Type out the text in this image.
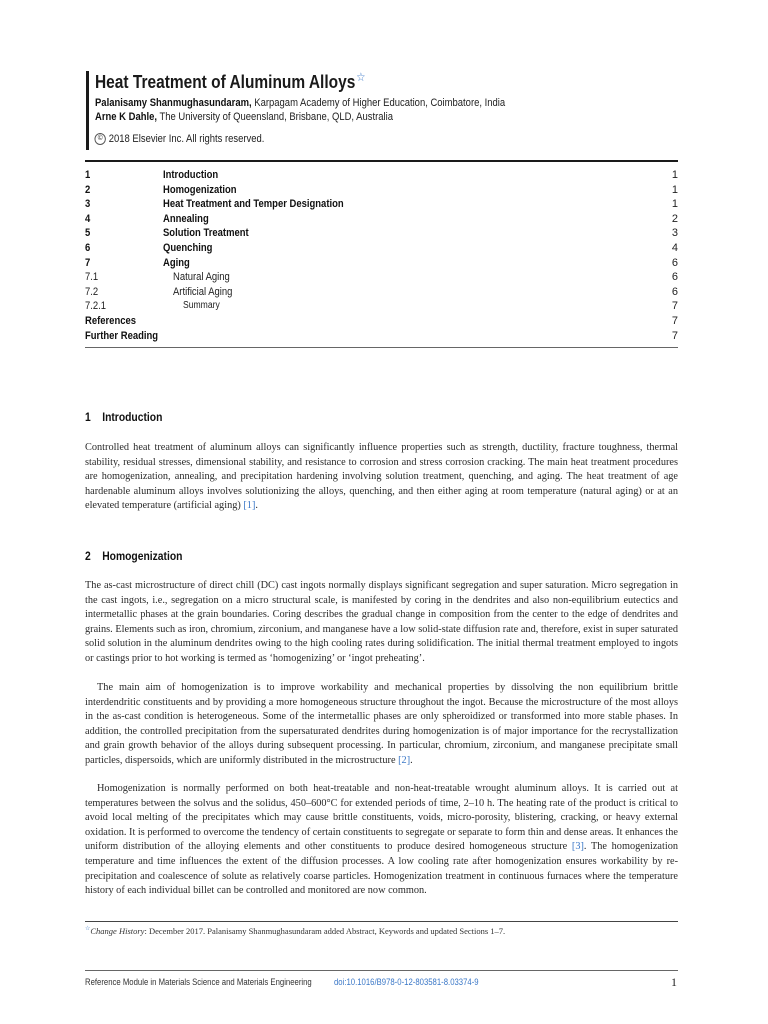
Heat Treatment of Aluminum Alloys☆
Palanisamy Shanmughasundaram, Karpagam Academy of Higher Education, Coimbatore, India
Arne K Dahle, The University of Queensland, Brisbane, QLD, Australia
© 2018 Elsevier Inc. All rights reserved.
1	Introduction	1
2	Homogenization	1
3	Heat Treatment and Temper Designation	1
4	Annealing	2
5	Solution Treatment	3
6	Quenching	4
7	Aging	6
7.1	Natural Aging	6
7.2	Artificial Aging	6
7.2.1	Summary	7
References	7
Further Reading	7
1 Introduction

Controlled heat treatment of aluminum alloys can significantly influence properties such as strength, ductility, fracture toughness, thermal stability, residual stresses, dimensional stability, and resistance to corrosion and stress corrosion cracking. The main heat treatment procedures are homogenization, annealing, and precipitation hardening involving solution treatment, quenching, and aging. The heat treatment of age hardenable aluminum alloys involves solutionizing the alloys, quenching, and then either aging at room temperature (natural aging) or at an elevated temperature (artificial aging) [1].

2 Homogenization

The as-cast microstructure of direct chill (DC) cast ingots normally displays significant segregation and super saturation. Micro segregation in the cast ingots, i.e., segregation on a micro structural scale, is manifested by coring in the dendrites and also non-equilibrium eutectics and intermetallic phases at the grain boundaries. Coring describes the gradual change in composition from the center to the edge of dendrites and grains. Elements such as iron, chromium, zirconium, and manganese have a low solid-state diffusion rate and, therefore, exist in super saturated solid solution in the aluminum dendrites owing to the high cooling rates during solidification. The initial thermal treatment employed to ingots or castings prior to hot working is termed as ‘homogenizing’ or ‘ingot preheating’.

The main aim of homogenization is to improve workability and mechanical properties by dissolving the non equilibrium brittle interdendritic constituents and by providing a more homogeneous structure throughout the ingot. Because the microstructure of the most alloys in the as-cast condition is heterogeneous. Some of the intermetallic phases are only spheroidized or transformed into more stable phases. In addition, the controlled precipitation from the supersaturated dendrites during homogenization is of major importance for the recrystallization and grain growth behavior of the alloys during subsequent processing. In particular, chromium, zirconium, and manganese precipitate small particles, dispersoids, which are uniformly distributed in the microstructure [2].

Homogenization is normally performed on both heat-treatable and non-heat-treatable wrought aluminum alloys. It is carried out at temperatures between the solvus and the solidus, 450–600°C for extended periods of time, 2–10 h. The heating rate of the product is critical to avoid local melting of the precipitates which may cause brittle constituents, voids, micro-porosity, blistering, cracking, or heavy external oxidation. It is performed to overcome the tendency of certain constituents to segregate or separate to form thin and dense areas. It enhances the uniform distribution of the alloying elements and other constituents to produce desired homogeneous structure [3]. The homogenization temperature and time influences the extent of the diffusion processes. A low cooling rate after homogenization ensures workability by re-precipitation and coalescence of solute as relatively coarse particles. Homogenization treatment in continuous furnaces where the temperature history of each individual billet can be controlled and monitored are now common.

☆Change History: December 2017. Palanisamy Shanmughasundaram added Abstract, Keywords and updated Sections 1–7.
Reference Module in Materials Science and Materials Engineering	doi:10.1016/B978-0-12-803581-8.03374-9	1
